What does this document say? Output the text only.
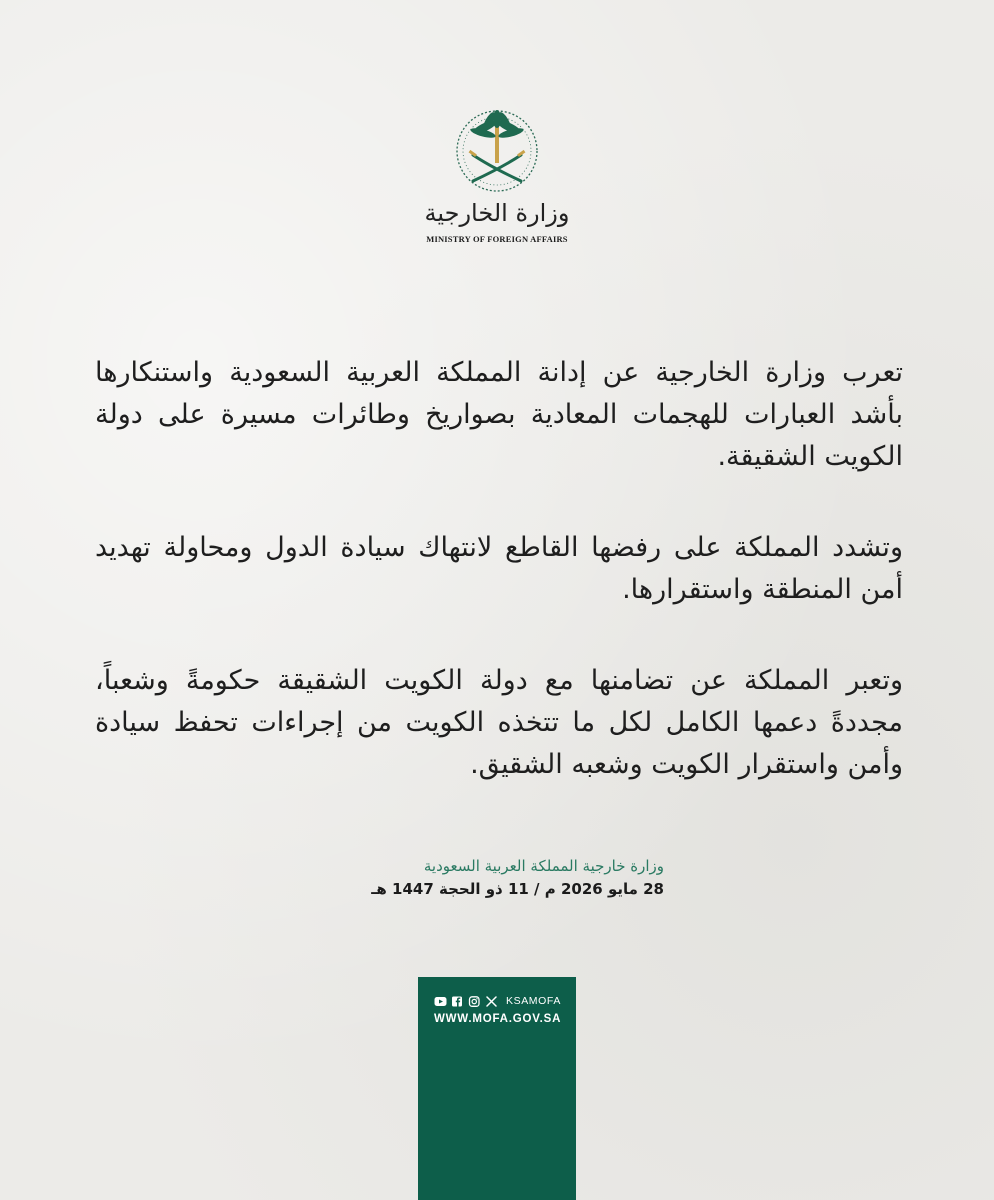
وزارة الخارجية
MINISTRY OF FOREIGN AFFAIRS

تعرب وزارة الخارجية عن إدانة المملكة العربية السعودية واستنكارها بأشد العبارات للهجمات المعادية بصواريخ وطائرات مسيرة على دولة الكويت الشقيقة.

وتشدد المملكة على رفضها القاطع لانتهاك سيادة الدول ومحاولة تهديد أمن المنطقة واستقرارها.

وتعبر المملكة عن تضامنها مع دولة الكويت الشقيقة حكومةً وشعباً، مجددةً دعمها الكامل لكل ما تتخذه الكويت من إجراءات تحفظ سيادة وأمن واستقرار الكويت وشعبه الشقيق.

وزارة خارجية المملكة العربية السعودية
28 مايو 2026 م / 11 ذو الحجة 1447 هـ
KSAMOFA
WWW.MOFA.GOV.SA
